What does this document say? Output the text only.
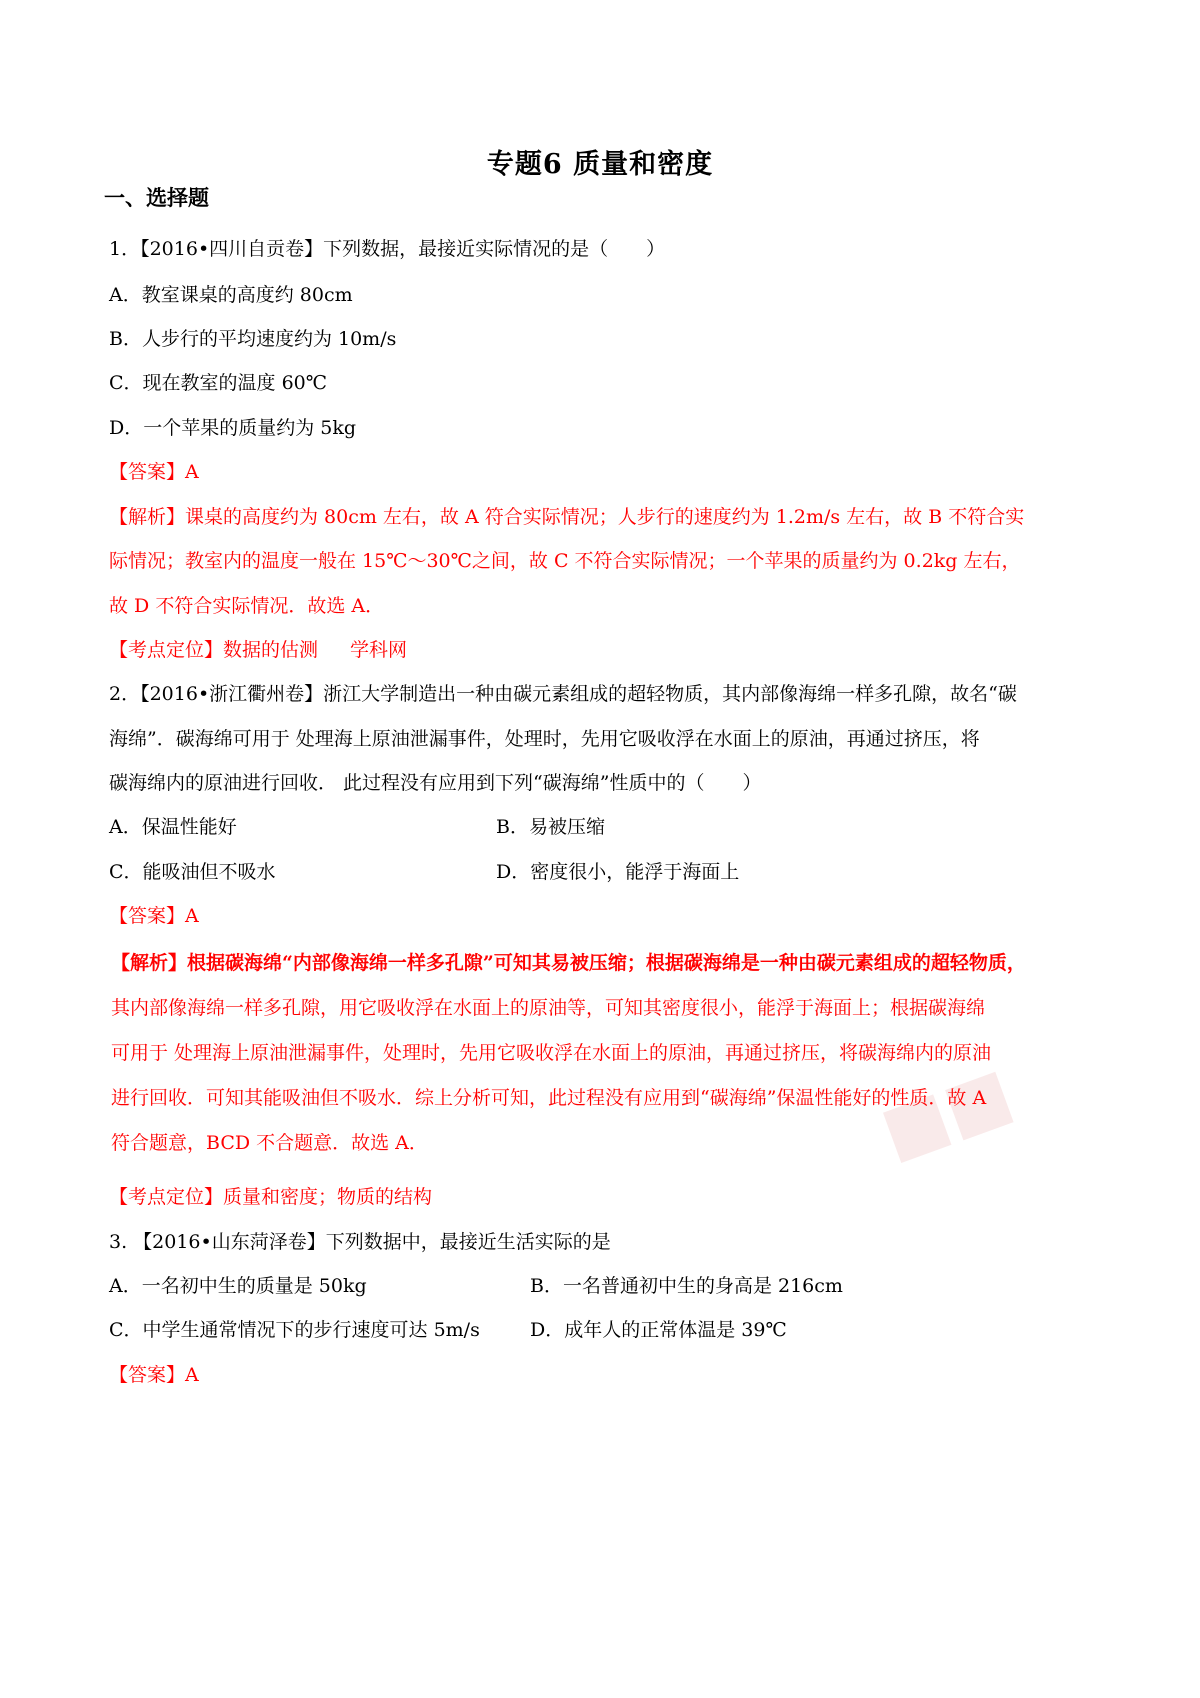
■■
专题6 质量和密度
一、选择题
1．【2016•四川自贡卷】下列数据，最接近实际情况的是（　　）
A．教室课桌的高度约 80cm
B．人步行的平均速度约为 10m/s
C．现在教室的温度 60℃
D．一个苹果的质量约为 5kg
【答案】A
【解析】课桌的高度约为 80cm 左右，故 A 符合实际情况；人步行的速度约为 1.2m/s 左右，故 B 不符合实
际情况；教室内的温度一般在 15℃～30℃之间，故 C 不符合实际情况；一个苹果的质量约为 0.2kg 左右，
故 D 不符合实际情况．故选 A．
【考点定位】数据的估测 学科网
2．【2016•浙江衢州卷】浙江大学制造出一种由碳元素组成的超轻物质，其内部像海绵一样多孔隙，故名“碳
海绵”．碳海绵可用于 处理海上原油泄漏事件，处理时，先用它吸收浮在水面上的原油，再通过挤压，将
碳海绵内的原油进行回收． 此过程没有应用到下列“碳海绵”性质中的（　　）
A．保温性能好	B．易被压缩
C．能吸油但不吸水	D．密度很小，能浮于海面上
【答案】A
【解析】根据碳海绵“内部像海绵一样多孔隙”可知其易被压缩；根据碳海绵是一种由碳元素组成的超轻物质，
其内部像海绵一样多孔隙，用它吸收浮在水面上的原油等，可知其密度很小，能浮于海面上；根据碳海绵
可用于 处理海上原油泄漏事件，处理时，先用它吸收浮在水面上的原油，再通过挤压，将碳海绵内的原油
进行回收．可知其能吸油但不吸水．综上分析可知，此过程没有应用到“碳海绵”保温性能好的性质．故 A
符合题意，BCD 不合题意．故选 A．
【考点定位】质量和密度；物质的结构
3. 【2016•山东菏泽卷】下列数据中，最接近生活实际的是
A．一名初中生的质量是 50kg	B．一名普通初中生的身高是 216cm
C．中学生通常情况下的步行速度可达 5m/s	D．成年人的正常体温是 39℃
【答案】A
